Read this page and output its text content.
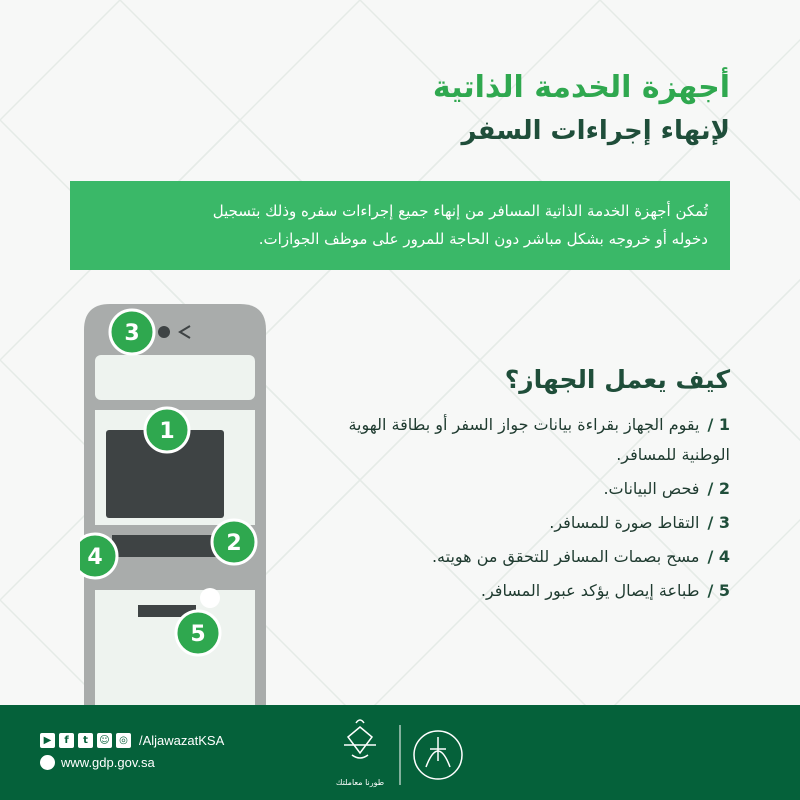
أجهزة الخدمة الذاتية
لإنهاء إجراءات السفر

تُمكن أجهزة الخدمة الذاتية المسافر من إنهاء جميع إجراءات سفره وذلك بتسجيل

دخوله أو خروجه بشكل مباشر دون الحاجة للمرور على موظف الجوازات.

1
2
3
4
5
كيف يعمل الجهاز؟
1 /يقوم الجهاز بقراءة بيانات جواز السفر أو بطاقة الهوية الوطنية للمسافر.
2 /فحص البيانات.
3 /التقاط صورة للمسافر.
4 /مسح بصمات المسافر للتحقق من هويته.
5 /طباعة إيصال يؤكد عبور المسافر.
▶	f	t	☺ ◎ /AljawazatKSA
www.gdp.gov.sa
طورنا معاملتك
